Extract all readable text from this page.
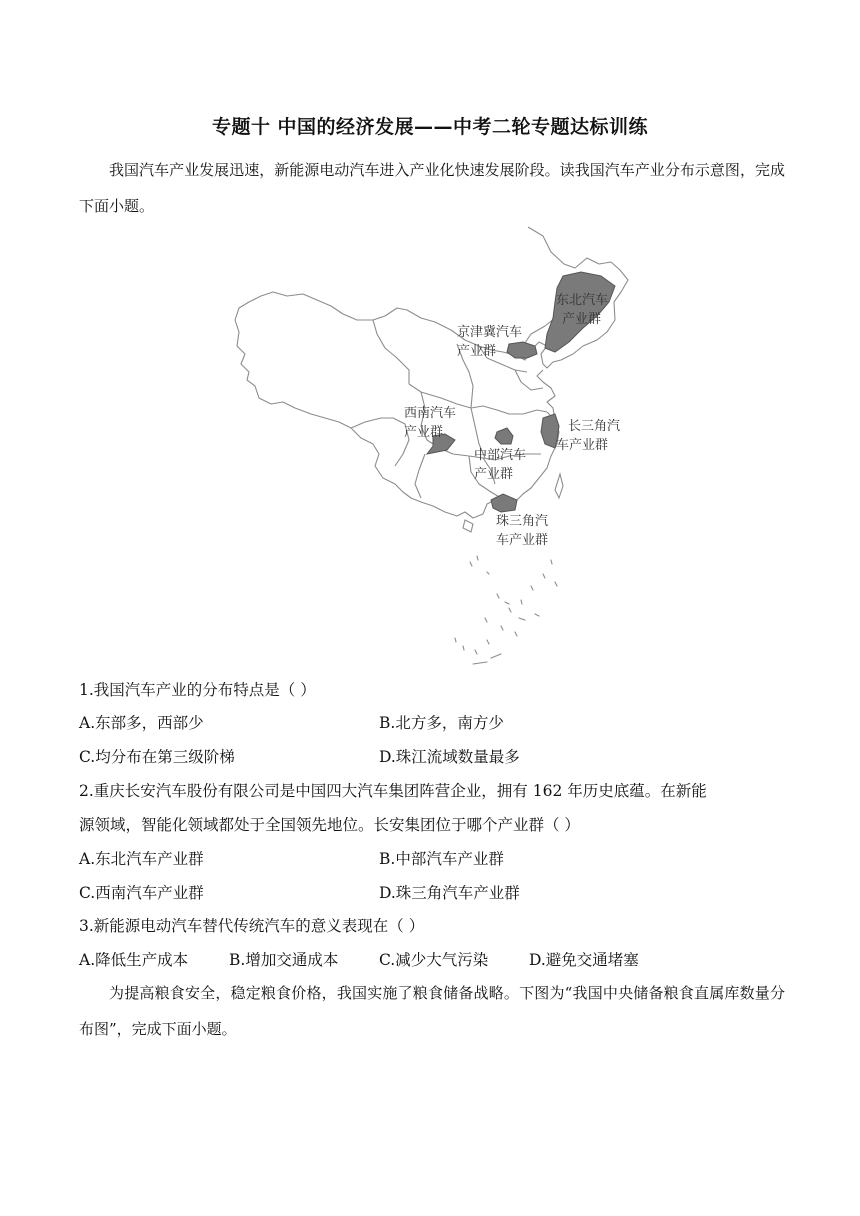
专题十 中国的经济发展——中考二轮专题达标训练
我国汽车产业发展迅速，新能源电动汽车进入产业化快速发展阶段。读我国汽车产业分布示意图，完成下面小题。
东北汽车
产业群
京津冀汽车
产业群
西南汽车
产业群
中部汽车
产业群
长三角汽
车产业群
珠三角汽
车产业群
1.我国汽车产业的分布特点是（ ）
A.东部多，西部少	B.北方多，南方少
C.均分布在第三级阶梯	D.珠江流域数量最多
2.重庆长安汽车股份有限公司是中国四大汽车集团阵营企业，拥有 162 年历史底蕴。在新能
源领域，智能化领域都处于全国领先地位。长安集团位于哪个产业群（ ）
A.东北汽车产业群	B.中部汽车产业群
C.西南汽车产业群	D.珠三角汽车产业群
3.新能源电动汽车替代传统汽车的意义表现在（ ）
A.降低生产成本	B.增加交通成本	C.减少大气污染	D.避免交通堵塞
为提高粮食安全，稳定粮食价格，我国实施了粮食储备战略。下图为“我国中央储备粮食直属库数量分布图”，完成下面小题。
